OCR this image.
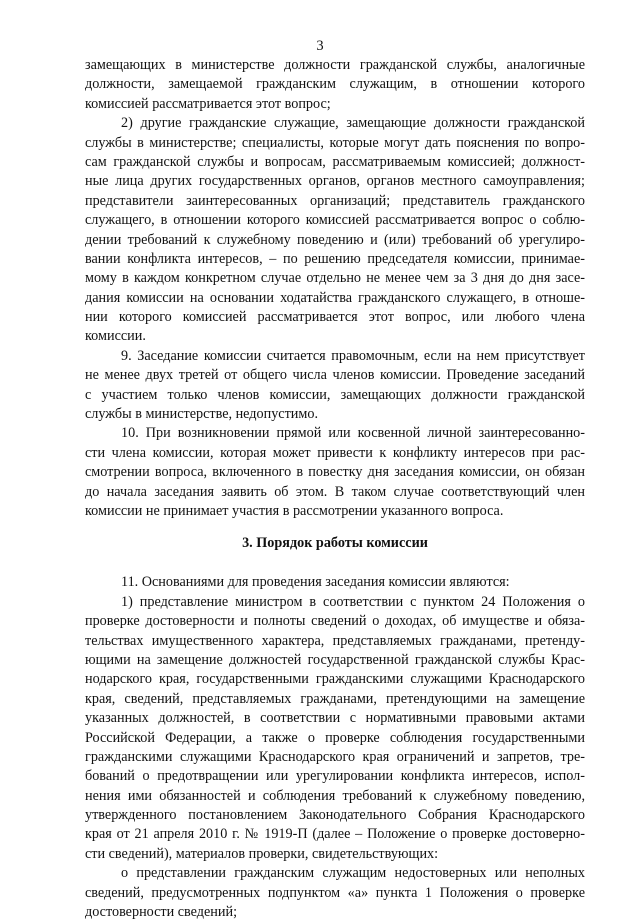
3
замещающих в министерстве должности гражданской службы, аналогичные
должности, замещаемой гражданским служащим, в отношении которого
комиссией рассматривается этот вопрос;
2) другие гражданские служащие, замещающие должности гражданской
службы в министерстве; специалисты, которые могут дать пояснения по вопро-
сам гражданской службы и вопросам, рассматриваемым комиссией; должност-
ные лица других государственных органов, органов местного самоуправления;
представители заинтересованных организаций; представитель гражданского
служащего, в отношении которого комиссией рассматривается вопрос о соблю-
дении требований к служебному поведению и (или) требований об урегулиро-
вании конфликта интересов, – по решению председателя комиссии, принимае-
мому в каждом конкретном случае отдельно не менее чем за 3 дня до дня засе-
дания комиссии на основании ходатайства гражданского служащего, в отноше-
нии которого комиссией рассматривается этот вопрос, или любого члена
комиссии.
9. Заседание комиссии считается правомочным, если на нем присутствует
не менее двух третей от общего числа членов комиссии. Проведение заседаний
с участием только членов комиссии, замещающих должности гражданской
службы в министерстве, недопустимо.
10. При возникновении прямой или косвенной личной заинтересованно-
сти члена комиссии, которая может привести к конфликту интересов при рас-
смотрении вопроса, включенного в повестку дня заседания комиссии, он обязан
до начала заседания заявить об этом. В таком случае соответствующий член
комиссии не принимает участия в рассмотрении указанного вопроса.
3. Порядок работы комиссии
11. Основаниями для проведения заседания комиссии являются:
1) представление министром в соответствии с пунктом 24 Положения о
проверке достоверности и полноты сведений о доходах, об имуществе и обяза-
тельствах имущественного характера, представляемых гражданами, претенду-
ющими на замещение должностей государственной гражданской службы Крас-
нодарского края, государственными гражданскими служащими Краснодарского
края, сведений, представляемых гражданами, претендующими на замещение
указанных должностей, в соответствии с нормативными правовыми актами
Российской Федерации, а также о проверке соблюдения государственными
гражданскими служащими Краснодарского края ограничений и запретов, тре-
бований о предотвращении или урегулировании конфликта интересов, испол-
нения ими обязанностей и соблюдения требований к служебному поведению,
утвержденного постановлением Законодательного Собрания Краснодарского
края от 21 апреля 2010 г. № 1919-П (далее – Положение о проверке достоверно-
сти сведений), материалов проверки, свидетельствующих:
о представлении гражданским служащим недостоверных или неполных
сведений, предусмотренных подпунктом «а» пункта 1 Положения о проверке
достоверности сведений;
